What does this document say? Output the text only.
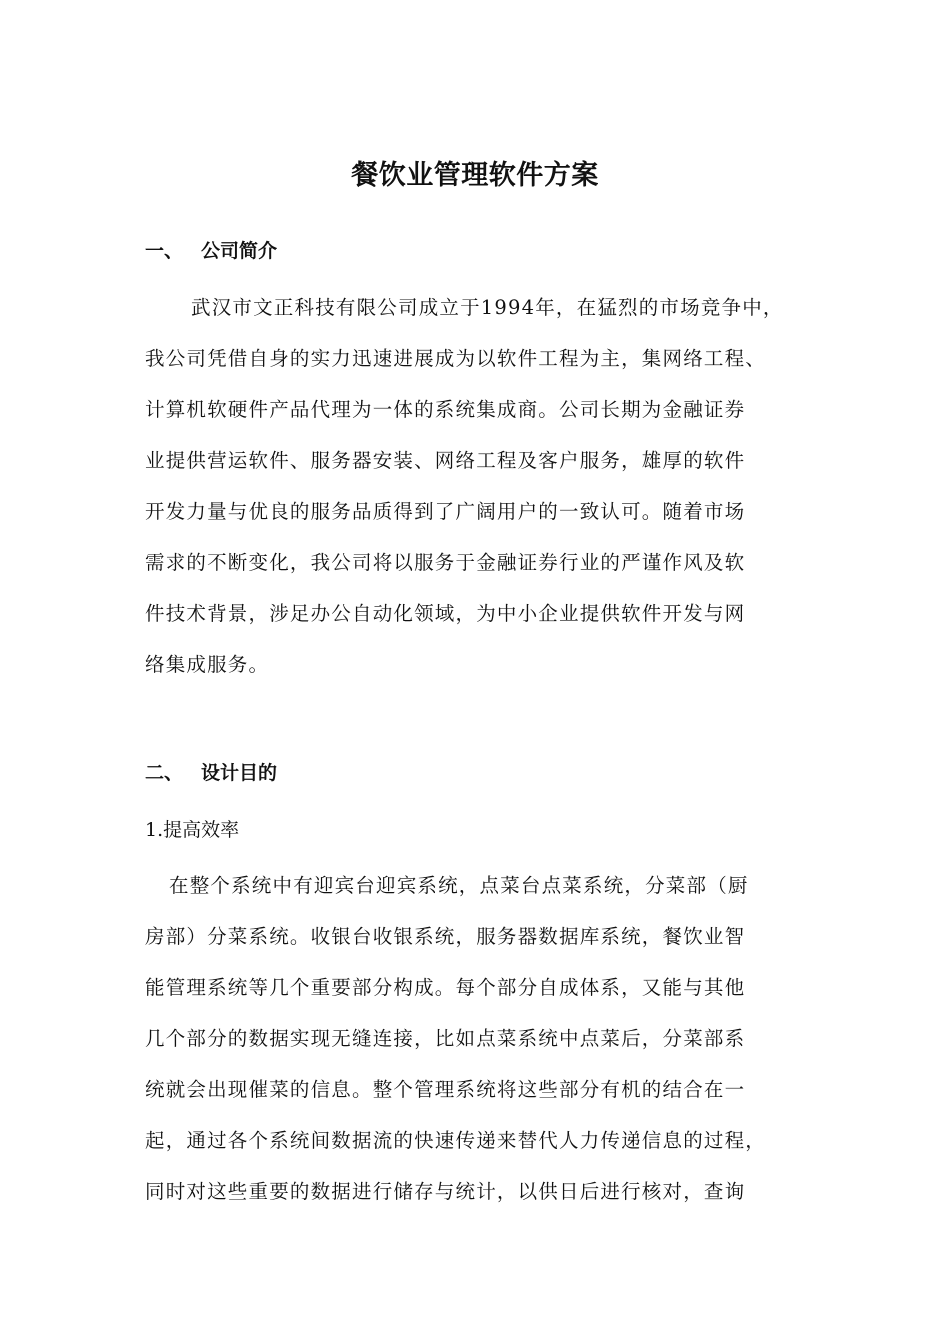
餐饮业管理软件方案
一、 公司简介
武汉市文正科技有限公司成立于1994年，在猛烈的市场竞争中，
我公司凭借自身的实力迅速进展成为以软件工程为主，集网络工程、
计算机软硬件产品代理为一体的系统集成商。公司长期为金融证券
业提供营运软件、服务器安装、网络工程及客户服务，雄厚的软件
开发力量与优良的服务品质得到了广阔用户的一致认可。随着市场
需求的不断变化，我公司将以服务于金融证券行业的严谨作风及软
件技术背景，涉足办公自动化领域，为中小企业提供软件开发与网
络集成服务。
二、 设计目的
1.提高效率
在整个系统中有迎宾台迎宾系统，点菜台点菜系统，分菜部（厨
房部）分菜系统。收银台收银系统，服务器数据库系统，餐饮业智
能管理系统等几个重要部分构成。每个部分自成体系，又能与其他
几个部分的数据实现无缝连接，比如点菜系统中点菜后，分菜部系
统就会出现催菜的信息。整个管理系统将这些部分有机的结合在一
起，通过各个系统间数据流的快速传递来替代人力传递信息的过程，
同时对这些重要的数据进行储存与统计，以供日后进行核对，查询
